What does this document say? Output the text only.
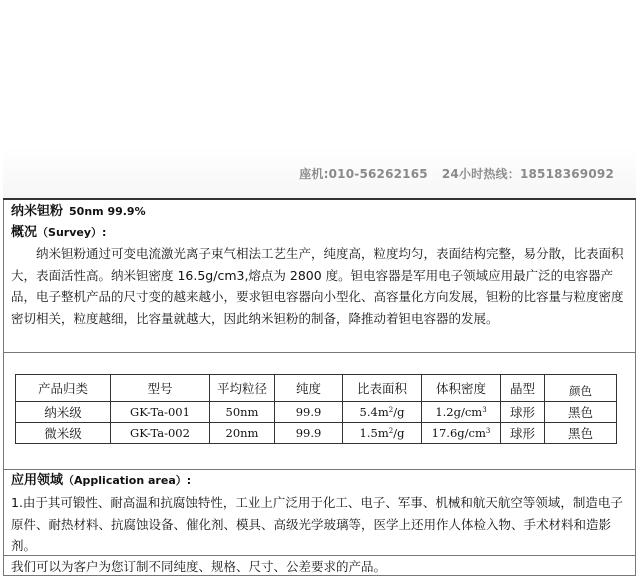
座机:010-56262165 24小时热线：18518369092
纳米钽粉 50nm 99.9%
概况（Survey）:
纳米钽粉通过可变电流激光离子束气相法工艺生产，纯度高，粒度均匀，表面结构完整，易分散，比表面积大，表面活性高。纳米钽密度 16.5g/cm3,熔点为 2800 度。钽电容器是军用电子领域应用最广泛的电容器产品，电子整机产品的尺寸变的越来越小，要求钽电容器向小型化、高容量化方向发展，钽粉的比容量与粒度密度密切相关，粒度越细，比容量就越大，因此纳米钽粉的制备，降推动着钽电容器的发展。
产品归类	型号	平均粒径	纯度	比表面积	体积密度	晶型	颜色
纳米级	GK-Ta-001	50nm	99.9	$5.4m^2/g$	$1.2g/cm^3$	球形	黑色
微米级	GK-Ta-002	20nm	99.9	$1.5m^2/g$	$17.6g/cm^3$	球形	黑色
应用领域（Application area）:
1.由于其可锻性、耐高温和抗腐蚀特性，工业上广泛用于化工、电子、军事、机械和航天航空等领域，制造电子原件、耐热材料、抗腐蚀设备、催化剂、模具、高级光学玻璃等，医学上还用作人体检入物、手术材料和造影剂。
我们可以为客户为您订制不同纯度、规格、尺寸、公差要求的产品。
